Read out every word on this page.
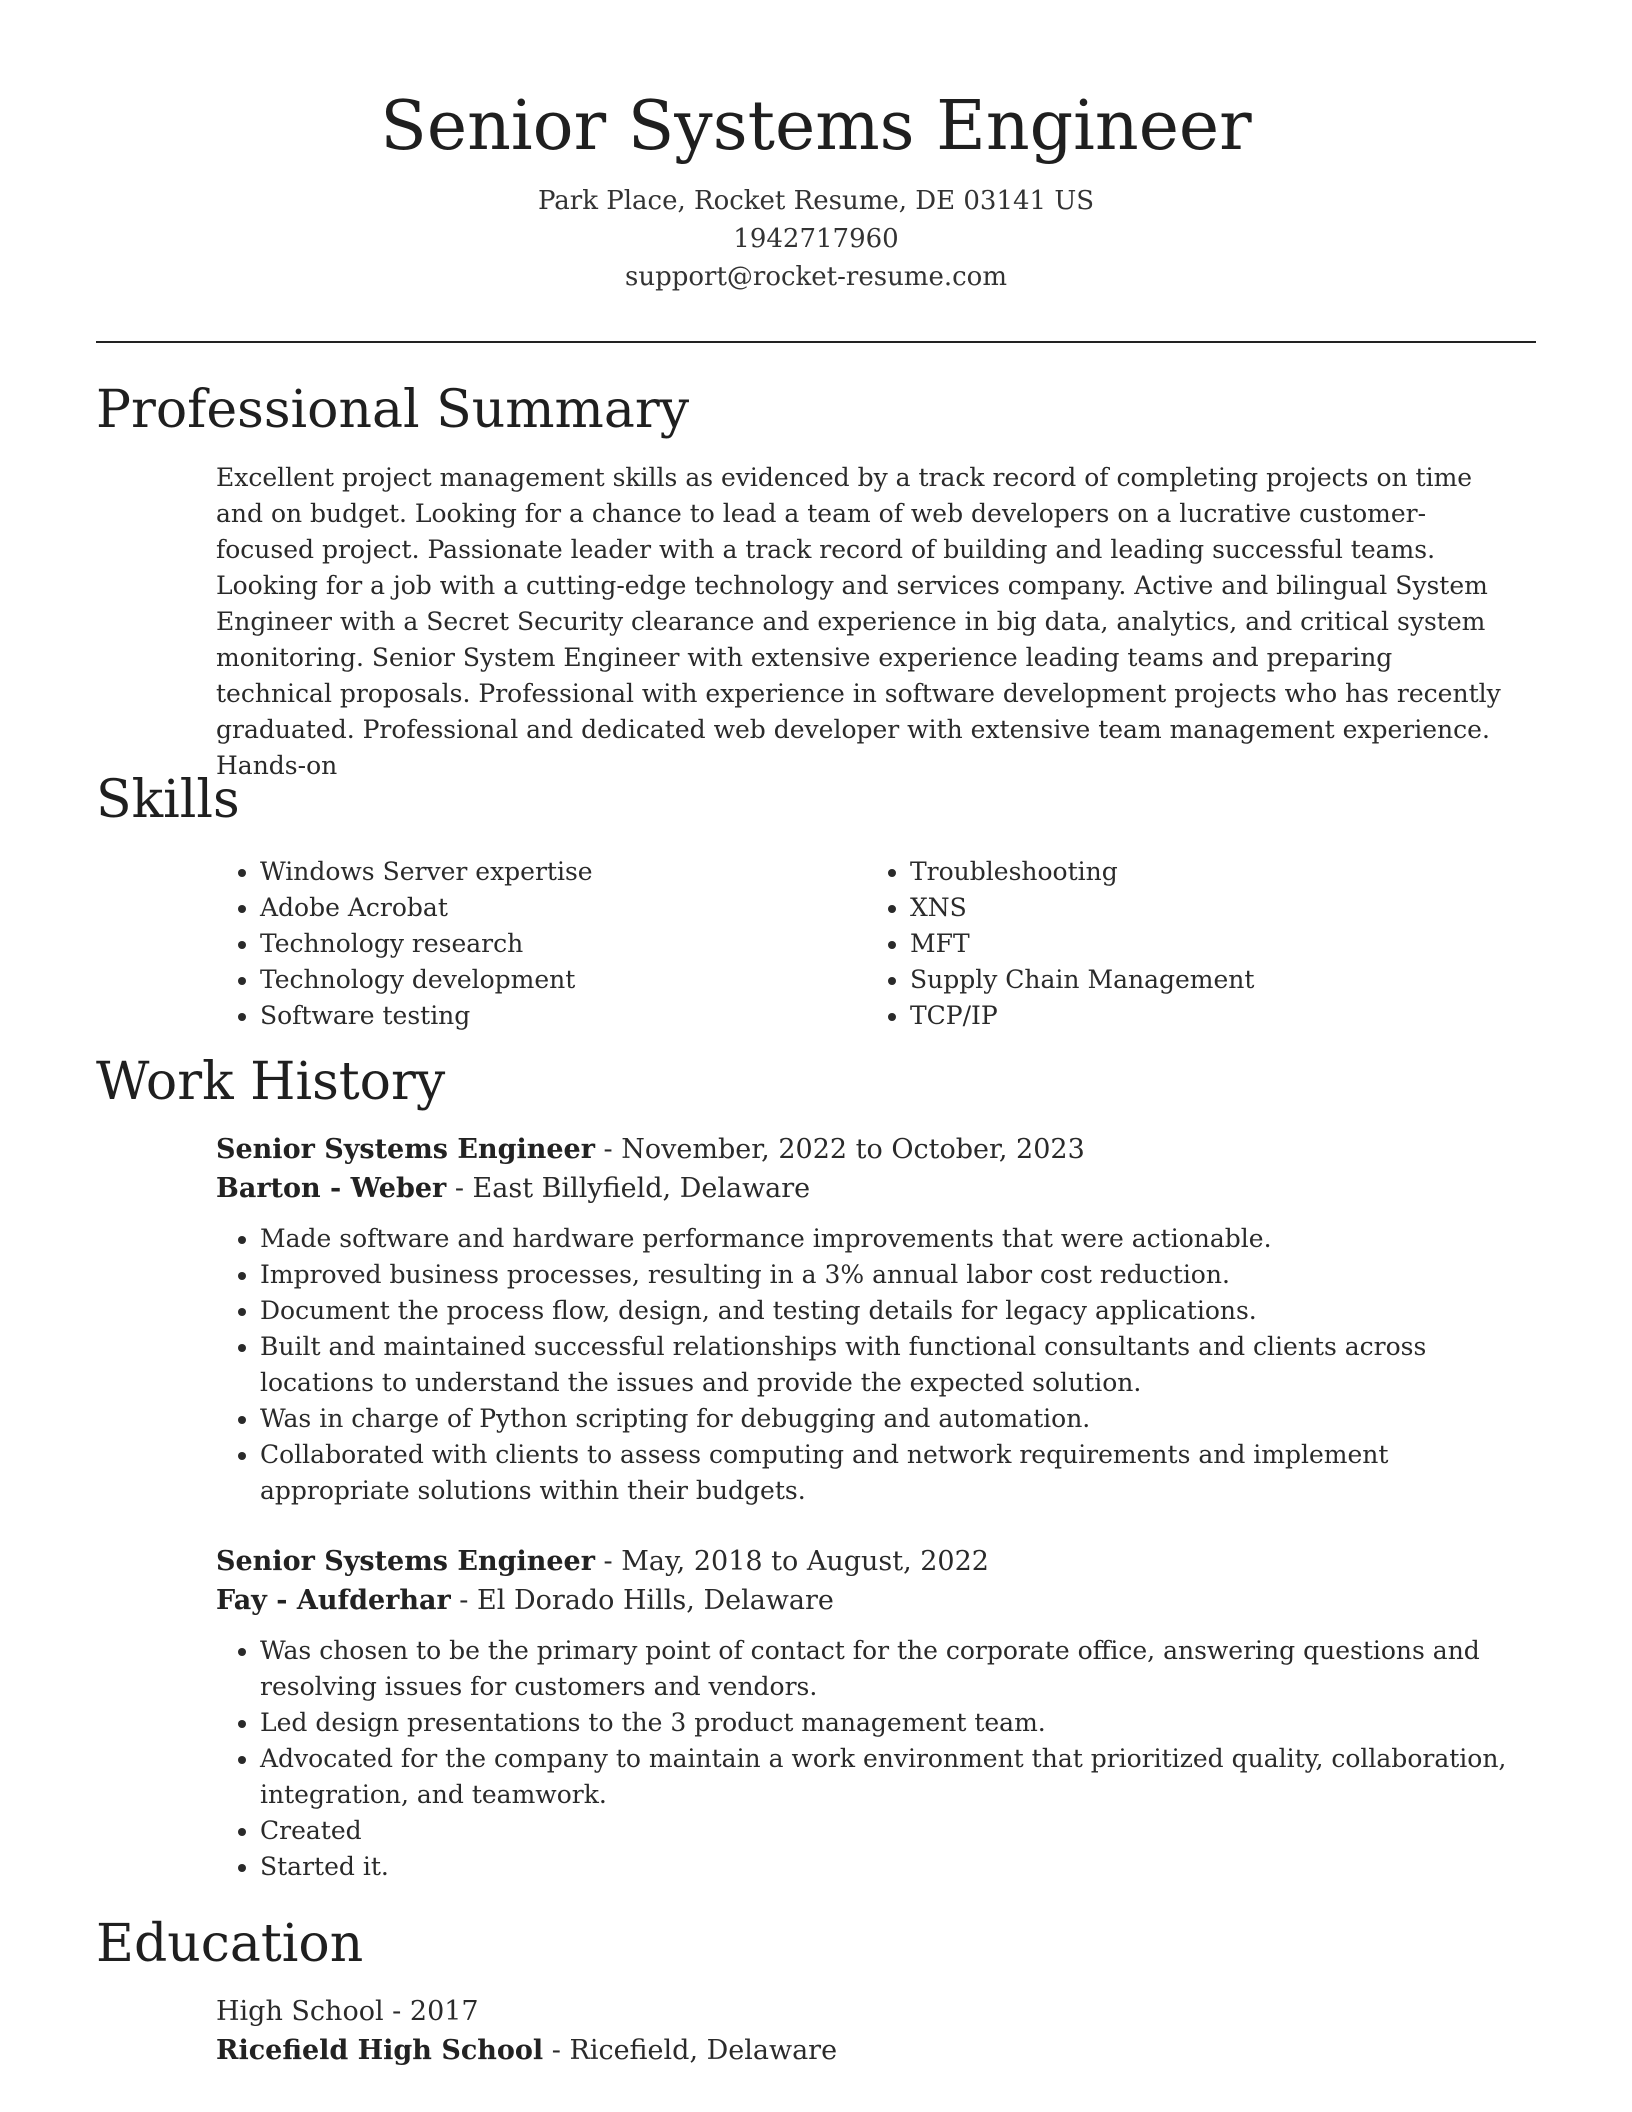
Senior Systems Engineer
Park Place, Rocket Resume, DE 03141 US
1942717960
support@rocket-resume.com
Professional Summary

Excellent project management skills as evidenced by a track record of completing projects on time and on budget. Looking for a chance to lead a team of web developers on a lucrative customer-focused project. Passionate leader with a track record of building and leading successful teams. Looking for a job with a cutting-edge technology and services company. Active and bilingual System Engineer with a Secret Security clearance and experience in big data, analytics, and critical system monitoring. Senior System Engineer with extensive experience leading teams and preparing technical proposals. Professional with experience in software development projects who has recently graduated. Professional and dedicated web developer with extensive team management experience. Hands-on

Skills
• Windows Server expertise
• Adobe Acrobat
• Technology research
• Technology development
• Software testing
• Troubleshooting
• XNS
• MFT
• Supply Chain Management
• TCP/IP
Work History
Senior Systems Engineer - November, 2022 to October, 2023
Barton - Weber - East Billyfield, Delaware
• Made software and hardware performance improvements that were actionable.
• Improved business processes, resulting in a 3% annual labor cost reduction.
• Document the process flow, design, and testing details for legacy applications.
• Built and maintained successful relationships with functional consultants and clients across locations to understand the issues and provide the expected solution.
• Was in charge of Python scripting for debugging and automation.
• Collaborated with clients to assess computing and network requirements and implement appropriate solutions within their budgets.
Senior Systems Engineer - May, 2018 to August, 2022
Fay - Aufderhar - El Dorado Hills, Delaware
• Was chosen to be the primary point of contact for the corporate office, answering questions and resolving issues for customers and vendors.
• Led design presentations to the 3 product management team.
• Advocated for the company to maintain a work environment that prioritized quality, collaboration, integration, and teamwork.
• Created
• Started it.
Education
High School - 2017
Ricefield High School - Ricefield, Delaware
